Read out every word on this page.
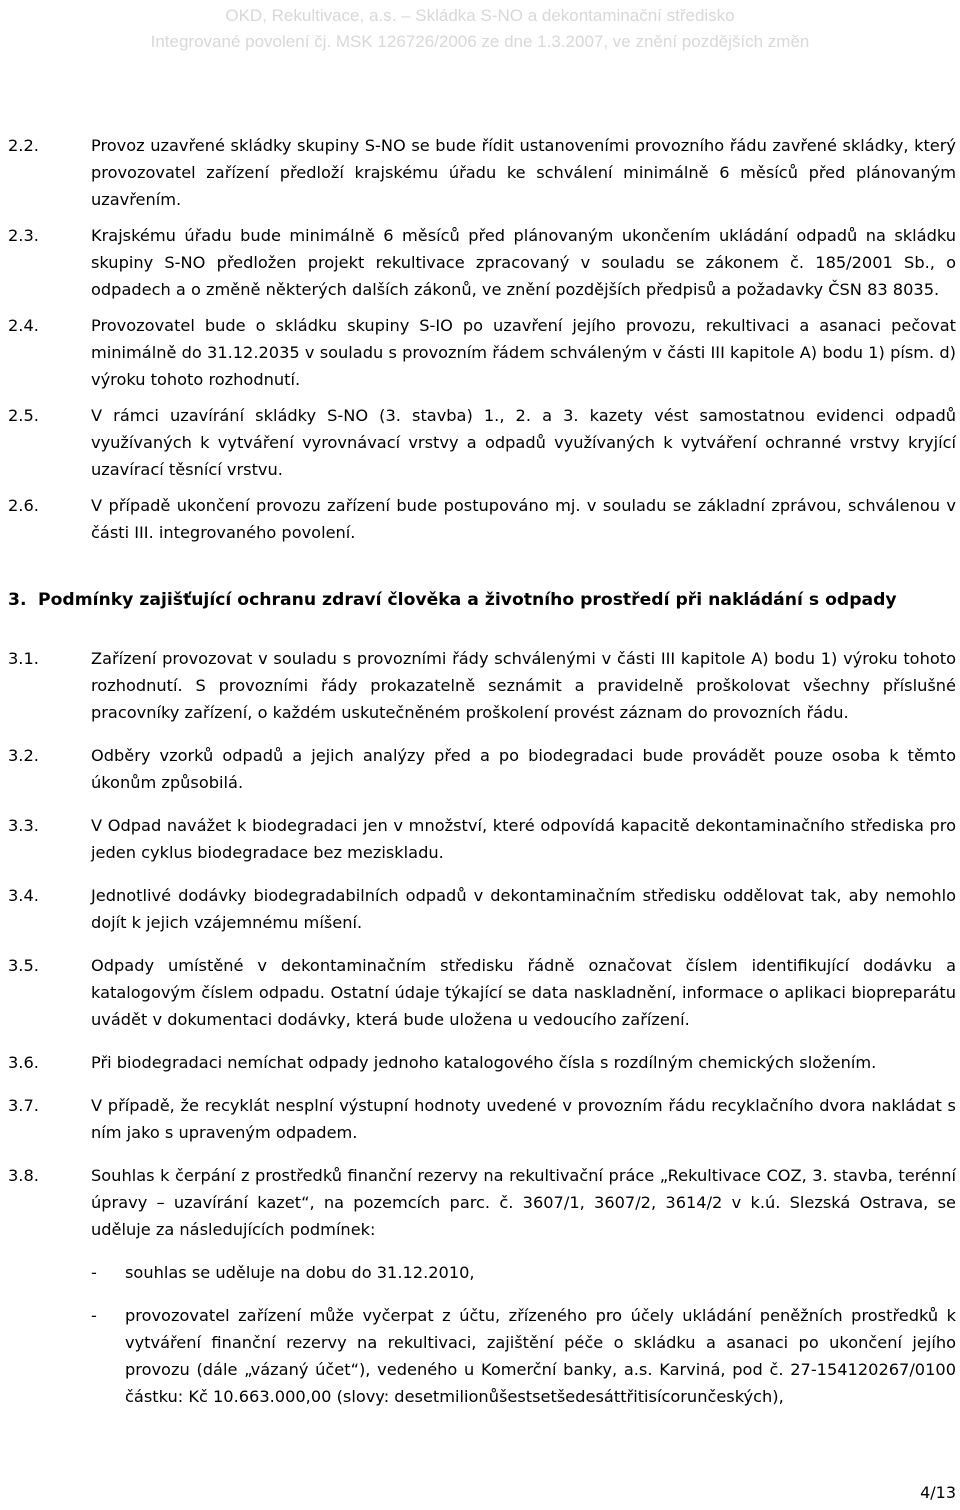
OKD, Rekultivace, a.s. – Skládka S-NO a dekontaminační středisko
Integrované povolení čj. MSK 126726/2006 ze dne 1.3.2007, ve znění pozdějších změn
2.2.	Provoz uzavřené skládky skupiny S-NO se bude řídit ustanoveními provozního řádu zavřené skládky, který provozovatel zařízení předloží krajskému úřadu ke schválení minimálně 6 měsíců před plánovaným uzavřením.
2.3.	Krajskému úřadu bude minimálně 6 měsíců před plánovaným ukončením ukládání odpadů na skládku skupiny S-NO předložen projekt rekultivace zpracovaný v souladu se zákonem č. 185/2001 Sb., o odpadech a o změně některých dalších zákonů, ve znění pozdějších předpisů a požadavky ČSN 83 8035.
2.4.	Provozovatel bude o skládku skupiny S-IO po uzavření jejího provozu, rekultivaci a asanaci pečovat minimálně do 31.12.2035 v souladu s provozním řádem schváleným v části III kapitole A) bodu 1) písm. d) výroku tohoto rozhodnutí.
2.5.	V rámci uzavírání skládky S-NO (3. stavba) 1., 2. a 3. kazety vést samostatnou evidenci odpadů využívaných k vytváření vyrovnávací vrstvy a odpadů využívaných k vytváření ochranné vrstvy kryjící uzavírací těsnící vrstvu.
2.6.	V případě ukončení provozu zařízení bude postupováno mj. v souladu se základní zprávou, schválenou v části III. integrovaného povolení.
3. Podmínky zajišťující ochranu zdraví člověka a životního prostředí při nakládání s odpady
3.1.	Zařízení provozovat v souladu s provozními řády schválenými v části III kapitole A) bodu 1) výroku tohoto rozhodnutí. S provozními řády prokazatelně seznámit a pravidelně proškolovat všechny příslušné pracovníky zařízení, o každém uskutečněném proškolení provést záznam do provozních řádu.
3.2.	Odběry vzorků odpadů a jejich analýzy před a po biodegradaci bude provádět pouze osoba k těmto úkonům způsobilá.
3.3.	V Odpad navážet k biodegradaci jen v množství, které odpovídá kapacitě dekontaminačního střediska pro jeden cyklus biodegradace bez meziskladu.
3.4.	Jednotlivé dodávky biodegradabilních odpadů v dekontaminačním středisku oddělovat tak, aby nemohlo dojít k jejich vzájemnému míšení.
3.5.	Odpady umístěné v dekontaminačním středisku řádně označovat číslem identifikující dodávku a katalogovým číslem odpadu. Ostatní údaje týkající se data naskladnění, informace o aplikaci biopreparátu uvádět v dokumentaci dodávky, která bude uložena u vedoucího zařízení.
3.6.	Při biodegradaci nemíchat odpady jednoho katalogového čísla s rozdílným chemických složením.
3.7.	V případě, že recyklát nesplní výstupní hodnoty uvedené v provozním řádu recyklačního dvora nakládat s ním jako s upraveným odpadem.
3.8.	Souhlas k čerpání z prostředků finanční rezervy na rekultivační práce „Rekultivace COZ, 3. stavba, terénní úpravy – uzavírání kazet“, na pozemcích parc. č. 3607/1, 3607/2, 3614/2 v k.ú. Slezská Ostrava, se uděluje za následujících podmínek:
- souhlas se uděluje na dobu do 31.12.2010,
- provozovatel zařízení může vyčerpat z účtu, zřízeného pro účely ukládání peněžních prostředků k vytváření finanční rezervy na rekultivaci, zajištění péče o skládku a asanaci po ukončení jejího provozu (dále „vázaný účet“), vedeného u Komerční banky, a.s. Karviná, pod č. 27-154120267/0100 částku: Kč 10.663.000,00 (slovy: desetmilionůšestsetšedesáttřitisícorunčeských),
4/13
